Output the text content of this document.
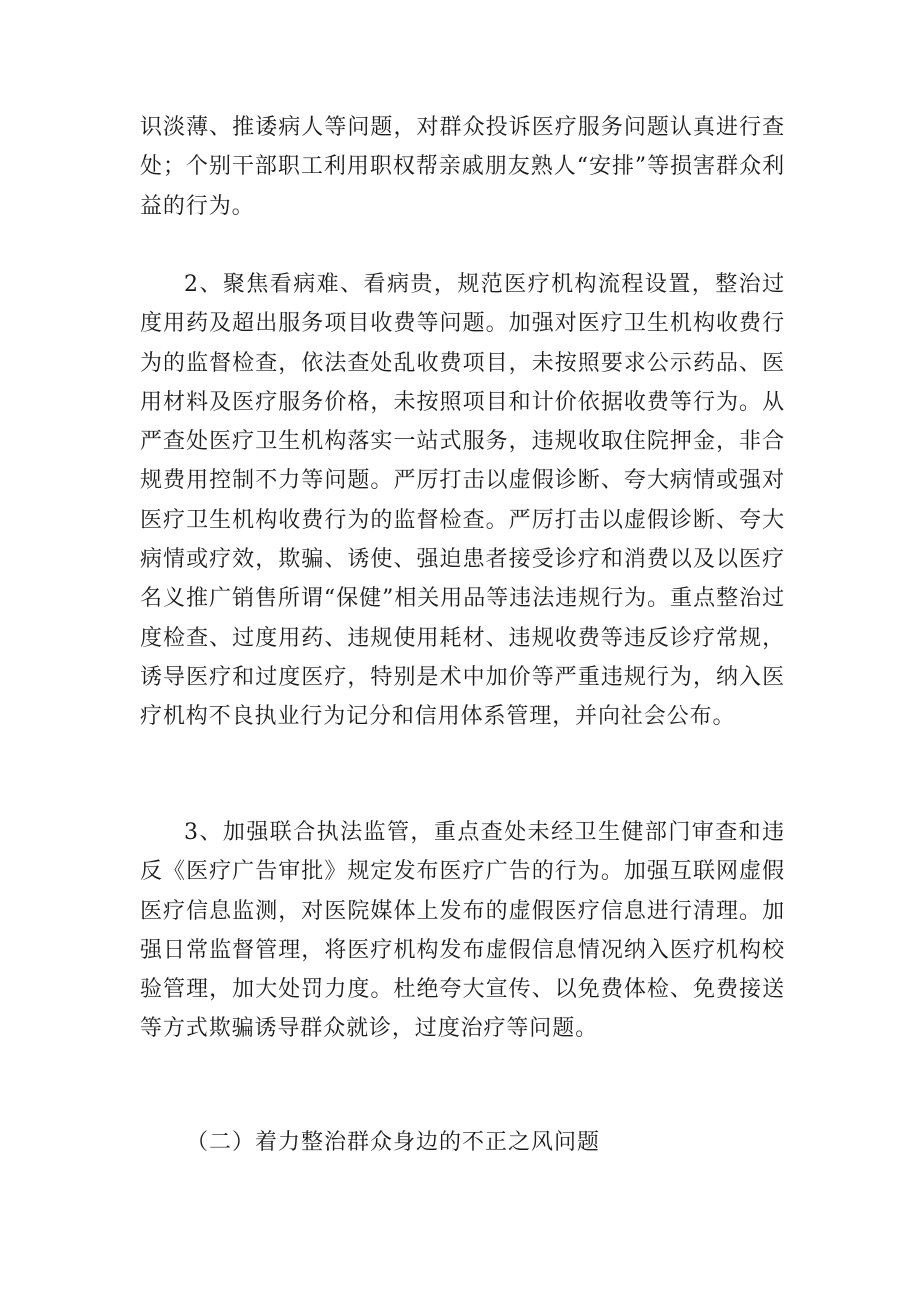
识淡薄、推诿病人等问题，对群众投诉医疗服务问题认真进行查处；个别干部职工利用职权帮亲戚朋友熟人“安排”等损害群众利益的行为。

2、聚焦看病难、看病贵，规范医疗机构流程设置，整治过度用药及超出服务项目收费等问题。加强对医疗卫生机构收费行为的监督检查，依法查处乱收费项目，未按照要求公示药品、医用材料及医疗服务价格，未按照项目和计价依据收费等行为。从严查处医疗卫生机构落实一站式服务，违规收取住院押金，非合规费用控制不力等问题。严厉打击以虚假诊断、夸大病情或强对医疗卫生机构收费行为的监督检查。严厉打击以虚假诊断、夸大病情或疗效，欺骗、诱使、强迫患者接受诊疗和消费以及以医疗名义推广销售所谓“保健”相关用品等违法违规行为。重点整治过度检查、过度用药、违规使用耗材、违规收费等违反诊疗常规，诱导医疗和过度医疗，特别是术中加价等严重违规行为，纳入医疗机构不良执业行为记分和信用体系管理，并向社会公布。

3、加强联合执法监管，重点查处未经卫生健部门审查和违反《医疗广告审批》规定发布医疗广告的行为。加强互联网虚假医疗信息监测，对医院媒体上发布的虚假医疗信息进行清理。加强日常监督管理，将医疗机构发布虚假信息情况纳入医疗机构校验管理，加大处罚力度。杜绝夸大宣传、以免费体检、免费接送等方式欺骗诱导群众就诊，过度治疗等问题。

（二）着力整治群众身边的不正之风问题
